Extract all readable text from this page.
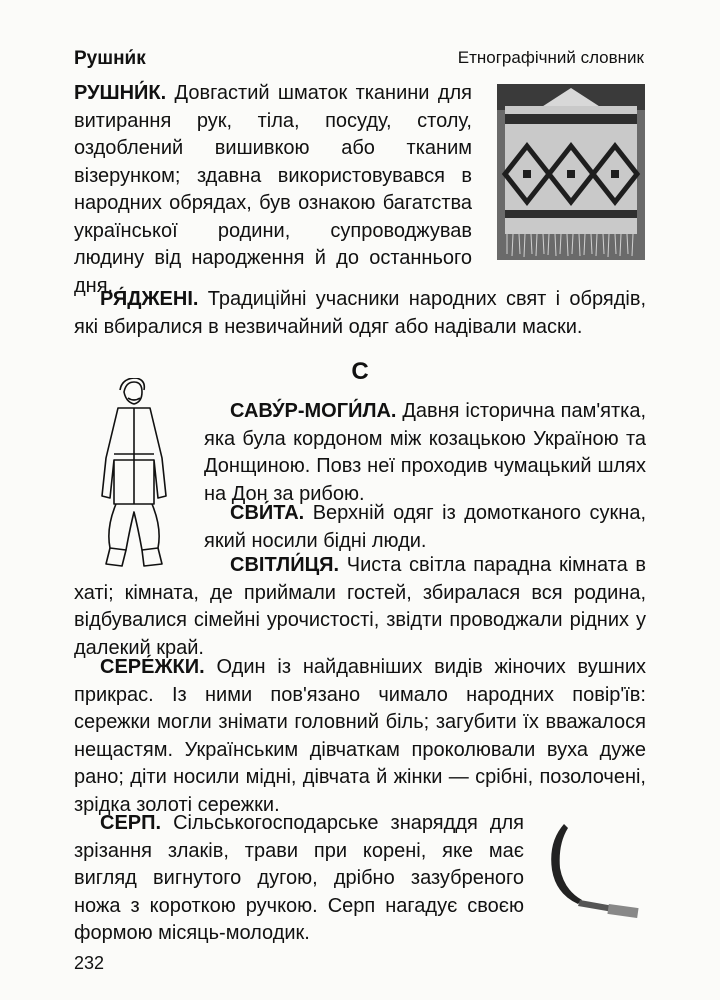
Рушни́к	Етнографічний словник
РУШНИ́К. Довгастий шматок тканини для витирання рук, тіла, посуду, столу, оздоблений вишивкою або тканим візерунком; здавна використовувався в народних обрядах, був ознакою багатства української родини, супроводжував людину від народження й до останнього дня.
РЯ́ДЖЕНІ. Традиційні учасники народних свят і обрядів, які вбиралися в незвичайний одяг або надівали маски.
С
САВУ́Р-МОГИ́ЛА. Давня історична пам'ятка, яка була кордоном між козацькою Україною та Донщиною. Повз неї проходив чумацький шлях на Дон за рибою.
СВИ́ТА. Верхній одяг із домотканого сукна, який носили бідні люди.
СВІТЛИ́ЦЯ. Чиста світла парадна кімната в хаті; кімната, де приймали гостей, збиралася вся родина, відбувалися сімейні урочистості, звідти проводжали рідних у далекий край.
СЕРЕ́ЖКИ. Один із найдавніших видів жіночих вушних прикрас. Із ними пов'язано чимало народних повір'їв: сережки могли знімати головний біль; загубити їх вважалося нещастям. Українським дівчаткам проколювали вуха дуже рано; діти носили мідні, дівчата й жінки — срібні, позолочені, зрідка золоті сережки.
СЕРП. Сільськогосподарське знаряддя для зрізання злаків, трави при корені, яке має вигляд вигнутого дугою, дрібно зазубреного ножа з короткою ручкою. Серп нагадує своєю формою місяць-молодик.
232
